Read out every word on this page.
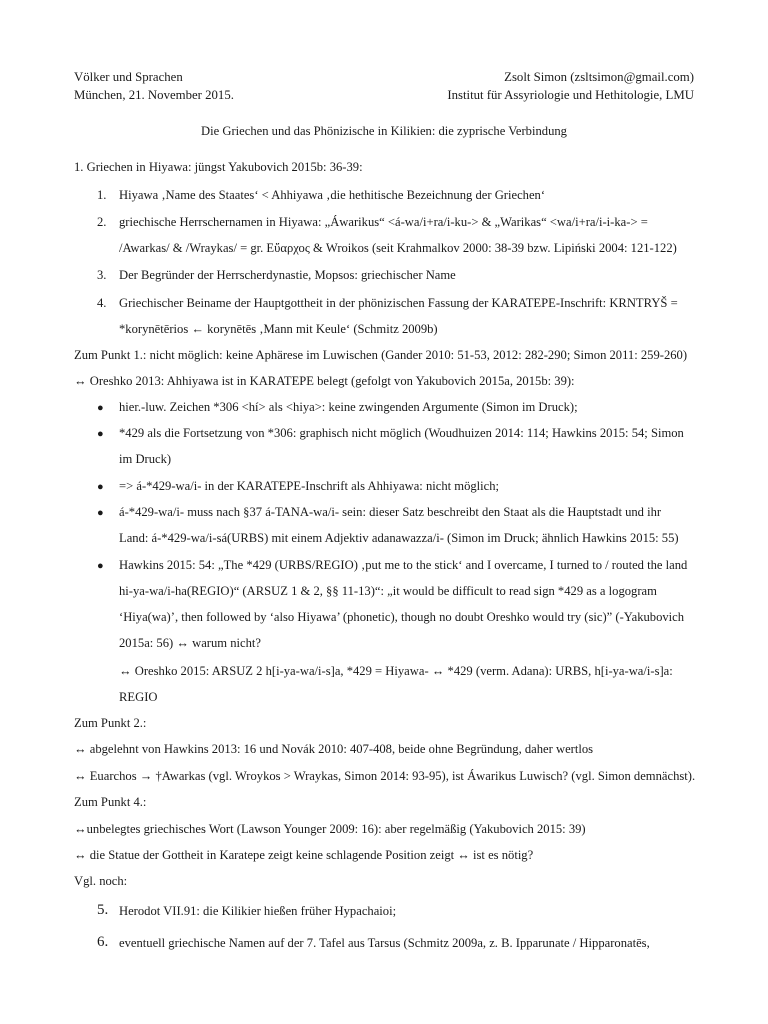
Völker und Sprachen	Zsolt Simon (zsltsimon@gmail.com)
München, 21. November 2015.	Institut für Assyriologie und Hethitologie, LMU
Die Griechen und das Phönizische in Kilikien: die zyprische Verbindung
1. Griechen in Hiyawa: jüngst Yakubovich 2015b: 36-39:
1. Hiyawa ‚Name des Staates‘ < Ahhiyawa ‚die hethitische Bezeichnung der Griechen‘
2. griechische Herrschernamen in Hiyawa: „Áwarikus“ <á-wa/i+ra/i-ku-> & „Warikas“ <wa/i+ra/i-i-ka-> =
/Awarkas/ & /Wraykas/ = gr. Εὔαρχος & Wroikos (seit Krahmalkov 2000: 38-39 bzw. Lipiński 2004: 121-122)
3. Der Begründer der Herrscherdynastie, Mopsos: griechischer Name
4. Griechischer Beiname der Hauptgottheit in der phönizischen Fassung der KARATEPE-Inschrift: KRNTRYŠ =
*korynētērios ← korynētēs ‚Mann mit Keule‘ (Schmitz 2009b)
Zum Punkt 1.: nicht möglich: keine Aphärese im Luwischen (Gander 2010: 51-53, 2012: 282-290; Simon 2011: 259-260)
↔ Oreshko 2013: Ahhiyawa ist in KARATEPE belegt (gefolgt von Yakubovich 2015a, 2015b: 39):
● hier.-luw. Zeichen *306 <hí> als <hiya>: keine zwingenden Argumente (Simon im Druck);
● *429 als die Fortsetzung von *306: graphisch nicht möglich (Woudhuizen 2014: 114; Hawkins 2015: 54; Simon
im Druck)
● => á-*429-wa/i- in der KARATEPE-Inschrift als Ahhiyawa: nicht möglich;
● á-*429-wa/i- muss nach §37 á-TANA-wa/i- sein: dieser Satz beschreibt den Staat als die Hauptstadt und ihr
Land: á-*429-wa/i-sá(URBS) mit einem Adjektiv adanawazza/i- (Simon im Druck; ähnlich Hawkins 2015: 55)
● Hawkins 2015: 54: „The *429 (URBS/REGIO) ‚put me to the stick‘ and I overcame, I turned to / routed the land
hi-ya-wa/i-ha(REGIO)“ (ARSUZ 1 & 2, §§ 11-13)“: „it would be difficult to read sign *429 as a logogram
‘Hiya(wa)’, then followed by ‘also Hiyawa’ (phonetic), though no doubt Oreshko would try (sic)” (-Yakubovich
2015a: 56) ↔ warum nicht?
↔ Oreshko 2015: ARSUZ 2 h[i-ya-wa/i-s]a, *429 = Hiyawa- ↔ *429 (verm. Adana): URBS, h[i-ya-wa/i-s]a:
REGIO
Zum Punkt 2.:
↔ abgelehnt von Hawkins 2013: 16 und Novák 2010: 407-408, beide ohne Begründung, daher wertlos
↔ Euarchos → †Awarkas (vgl. Wroykos > Wraykas, Simon 2014: 93-95), ist Áwarikus Luwisch? (vgl. Simon demnächst).
Zum Punkt 4.:
↔unbelegtes griechisches Wort (Lawson Younger 2009: 16): aber regelmäßig (Yakubovich 2015: 39)
↔ die Statue der Gottheit in Karatepe zeigt keine schlagende Position zeigt ↔ ist es nötig?
Vgl. noch:
5. Herodot VII.91: die Kilikier hießen früher Hypachaioi;
6. eventuell griechische Namen auf der 7. Tafel aus Tarsus (Schmitz 2009a, z. B. Ipparunate / Hipparonatēs,
